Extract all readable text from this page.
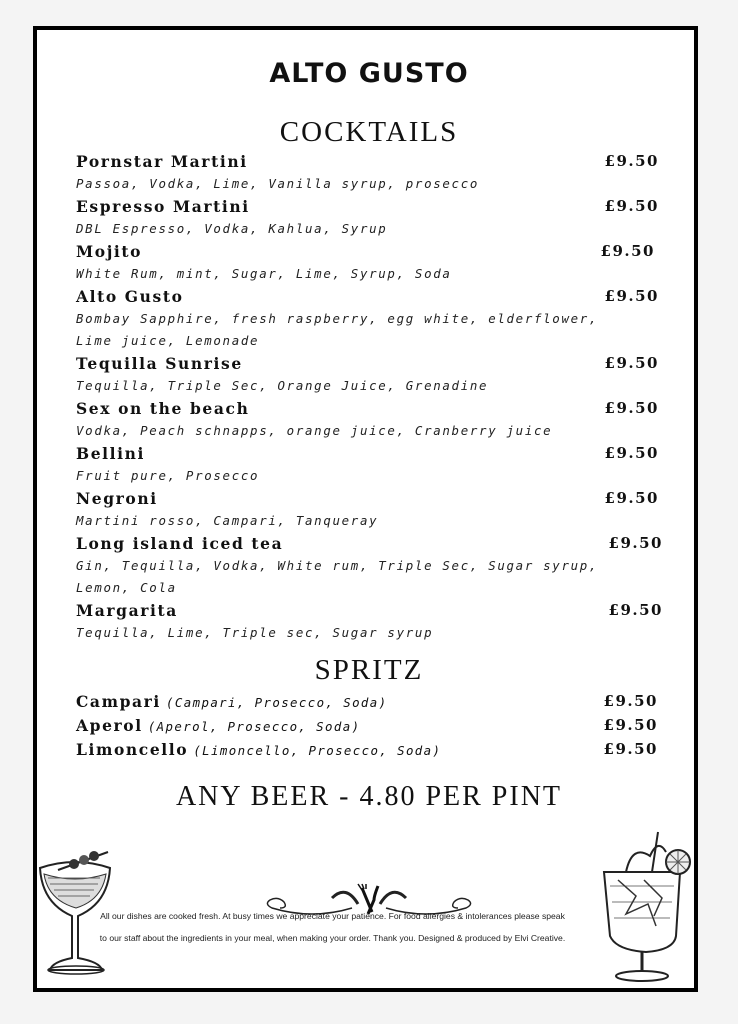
ALTO GUSTO
COCKTAILS
Pornstar Martini	£9.50
Passoa, Vodka, Lime, Vanilla syrup, prosecco
Espresso Martini	£9.50
DBL Espresso, Vodka, Kahlua, Syrup
Mojito	£9.50
White Rum, mint, Sugar, Lime, Syrup, Soda
Alto Gusto	£9.50
Bombay Sapphire, fresh raspberry, egg white, elderflower, Lime juice, Lemonade
Tequilla Sunrise	£9.50
Tequilla, Triple Sec, Orange Juice, Grenadine
Sex on the beach	£9.50
Vodka, Peach schnapps, orange juice, Cranberry juice
Bellini	£9.50
Fruit pure, Prosecco
Negroni	£9.50
Martini rosso, Campari, Tanqueray
Long island iced tea	£9.50
Gin, Tequilla, Vodka, White rum, Triple Sec, Sugar syrup, Lemon, Cola
Margarita	£9.50
Tequilla, Lime, Triple sec, Sugar syrup
SPRITZ
Campari (Campari, Prosecco, Soda)	£9.50
Aperol (Aperol, Prosecco, Soda)	£9.50
Limoncello (Limoncello, Prosecco, Soda)	£9.50
ANY BEER - 4.80 PER PINT
All our dishes are cooked fresh. At busy times we appreciate your patience. For food allergies & intolerances please speak
to our staff about the ingredients in your meal, when making your order. Thank you. Designed & produced by Elvi Creative.
